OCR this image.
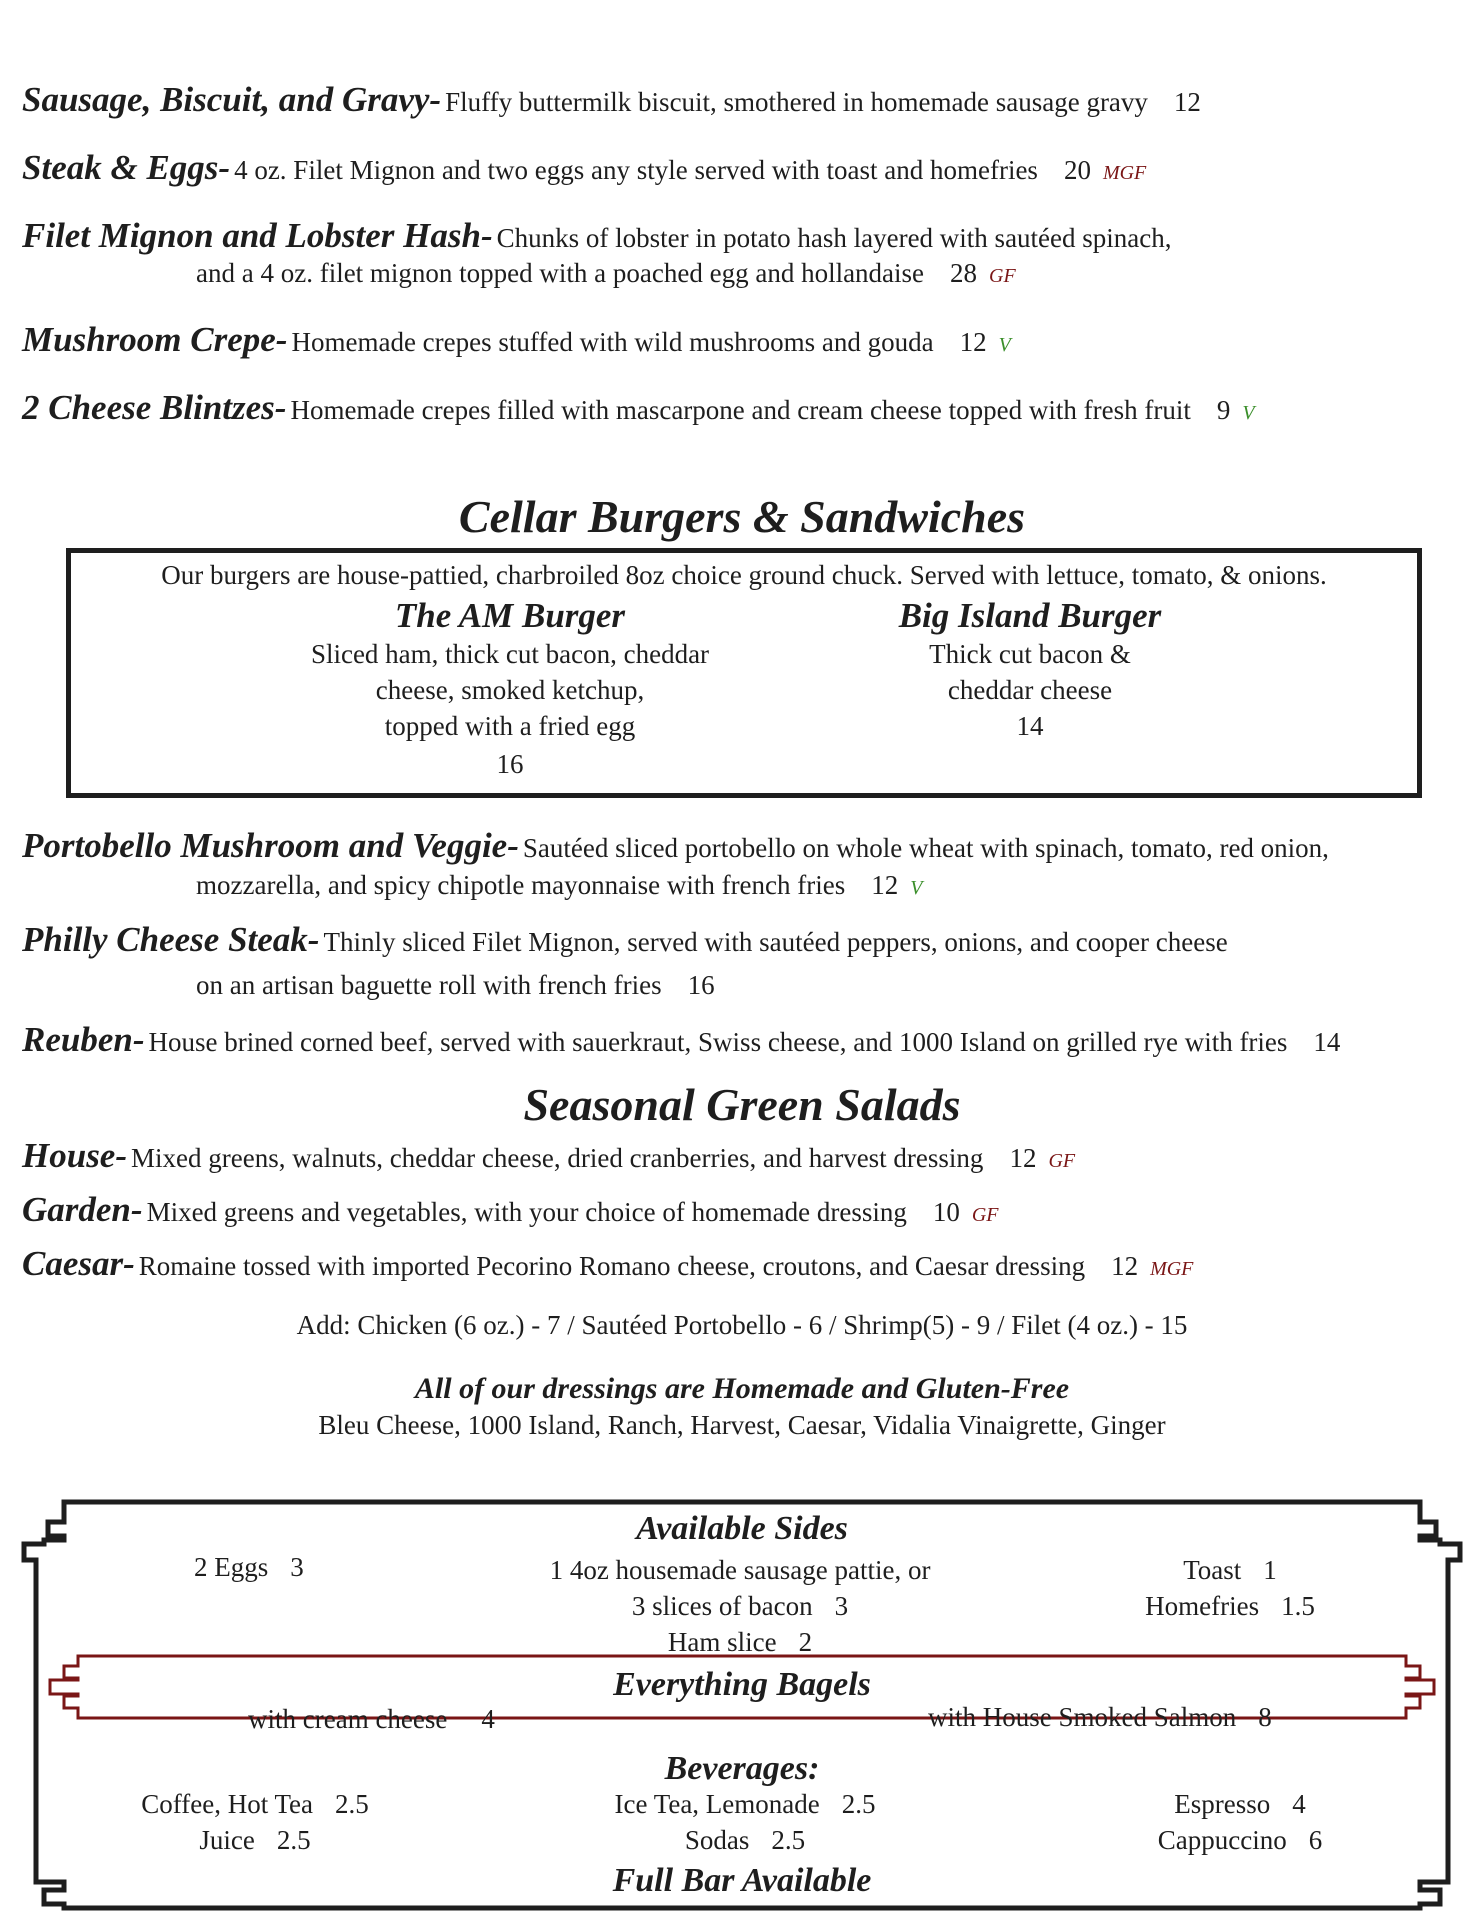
Sausage, Biscuit, and Gravy- Fluffy buttermilk biscuit, smothered in homemade sausage gravy 12
Steak & Eggs- 4 oz. Filet Mignon and two eggs any style served with toast and homefries 20 MGF
Filet Mignon and Lobster Hash- Chunks of lobster in potato hash layered with sautéed spinach,
and a 4 oz. filet mignon topped with a poached egg and hollandaise 28 GF
Mushroom Crepe- Homemade crepes stuffed with wild mushrooms and gouda 12 V
2 Cheese Blintzes- Homemade crepes filled with mascarpone and cream cheese topped with fresh fruit 9 V
Cellar Burgers & Sandwiches
Our burgers are house-pattied, charbroiled 8oz choice ground chuck. Served with lettuce, tomato, & onions.
The AM Burger
Sliced ham, thick cut bacon, cheddar
cheese, smoked ketchup,
topped with a fried egg
16
Big Island Burger
Thick cut bacon &
cheddar cheese
14
Portobello Mushroom and Veggie- Sautéed sliced portobello on whole wheat with spinach, tomato, red onion,
mozzarella, and spicy chipotle mayonnaise with french fries 12 V
Philly Cheese Steak- Thinly sliced Filet Mignon, served with sautéed peppers, onions, and cooper cheese
on an artisan baguette roll with french fries 16
Reuben- House brined corned beef, served with sauerkraut, Swiss cheese, and 1000 Island on grilled rye with fries 14
Seasonal Green Salads
House- Mixed greens, walnuts, cheddar cheese, dried cranberries, and harvest dressing 12 GF
Garden- Mixed greens and vegetables, with your choice of homemade dressing 10 GF
Caesar- Romaine tossed with imported Pecorino Romano cheese, croutons, and Caesar dressing 12 MGF
Add: Chicken (6 oz.) - 7 / Sautéed Portobello - 6 / Shrimp(5) - 9 / Filet (4 oz.) - 15
All of our dressings are Homemade and Gluten-Free
Bleu Cheese, 1000 Island, Ranch, Harvest, Caesar, Vidalia Vinaigrette, Ginger
Available Sides
2 Eggs 3	1 4oz housemade sausage pattie, or
3 slices of bacon 3
Ham slice 2
Toast 1
Homefries 1.5
Everything Bagels
with cream cheese 4	with House Smoked Salmon 8
Beverages:
Coffee, Hot Tea 2.5
Juice 2.5
Ice Tea, Lemonade 2.5
Sodas 2.5
Espresso 4
Cappuccino 6
Full Bar Available
